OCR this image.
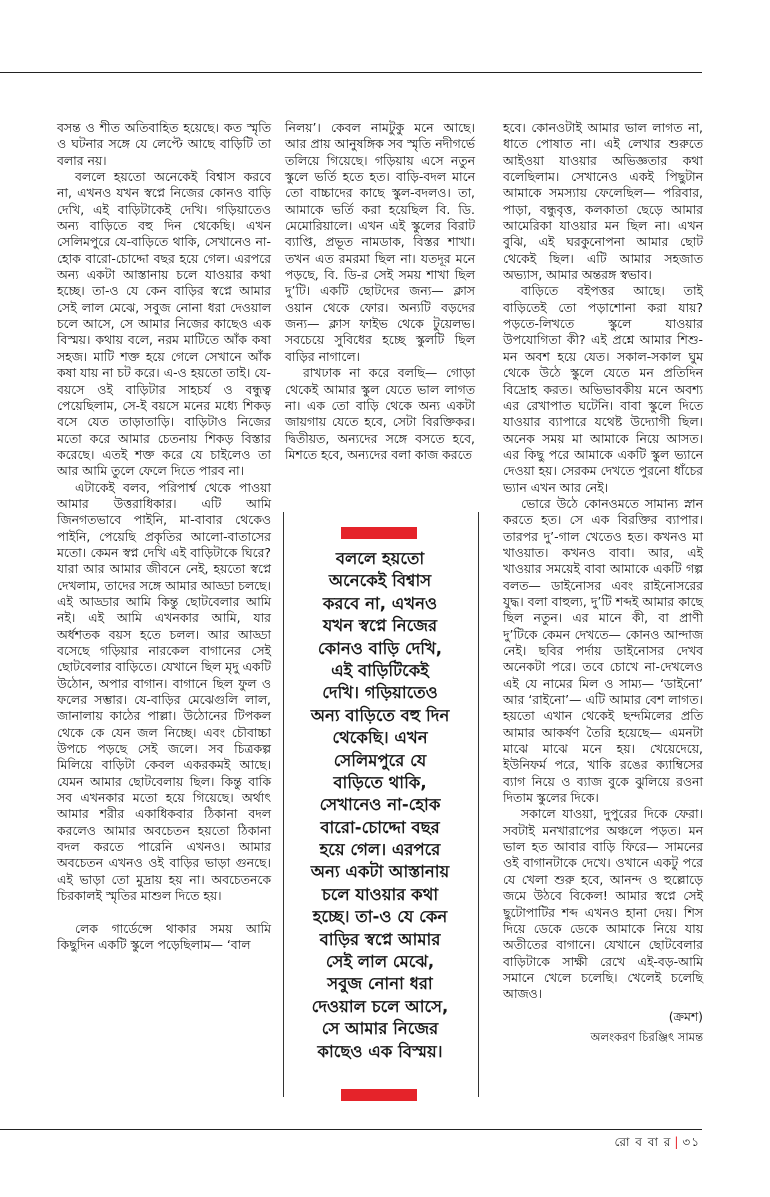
বসন্ত ও শীত অতিবাহিত হয়েছে। কত স্মৃতি ও ঘটনার সঙ্গে যে লেপ্টে আছে বাড়িটি তা বলার নয়।

বললে হয়তো অনেকেই বিশ্বাস করবে না, এখনও যখন স্বপ্নে নিজের কোনও বাড়ি দেখি, এই বাড়িটাকেই দেখি। গড়িয়াতেও অন্য বাড়িতে বহু দিন থেকেছি। এখন সেলিমপুরে যে-বাড়িতে থাকি, সেখানেও না-হোক বারো-চোদ্দো বছর হয়ে গেল। এরপরে অন্য একটা আস্তানায় চলে যাওয়ার কথা হচ্ছে। তা-ও যে কেন বাড়ির স্বপ্নে আমার সেই লাল মেঝে, সবুজ নোনা ধরা দেওয়াল চলে আসে, সে আমার নিজের কাছেও এক বিস্ময়। কথায় বলে, নরম মাটিতে আঁক কষা সহজ। মাটি শক্ত হয়ে গেলে সেখানে আঁক কষা যায় না চট করে। এ-ও হয়তো তাই। যে-বয়সে ওই বাড়িটার সাহচর্য ও বন্ধুত্ব পেয়েছিলাম, সে-ই বয়সে মনের মধ্যে শিকড় বসে যেত তাড়াতাড়ি। বাড়িটাও নিজের মতো করে আমার চেতনায় শিকড় বিস্তার করেছে। এতই শক্ত করে যে চাইলেও তা আর আমি তুলে ফেলে দিতে পারব না।

এটাকেই বলব, পরিপার্শ্ব থেকে পাওয়া আমার উত্তরাধিকার। এটি আমি জিনগতভাবে পাইনি, মা-বাবার থেকেও পাইনি, পেয়েছি প্রকৃতির আলো-বাতাসের মতো। কেমন স্বপ্ন দেখি এই বাড়িটাকে ঘিরে? যারা আর আমার জীবনে নেই, হয়তো স্বপ্নে দেখলাম, তাদের সঙ্গে আমার আড্ডা চলছে। এই আড্ডার আমি কিন্তু ছোটবেলার আমি নই। এই আমি এখনকার আমি, যার অর্ধশতক বয়স হতে চলল। আর আড্ডা বসেছে গড়িয়ার নারকেল বাগানের সেই ছোটবেলার বাড়িতে। যেখানে ছিল মৃদু একটি উঠোন, অপার বাগান। বাগানে ছিল ফুল ও ফলের সম্ভার। যে-বাড়ির মেঝেগুলি লাল, জানালায় কাঠের পাল্লা। উঠোনের টিপকল থেকে কে যেন জল নিচ্ছে। এবং চৌবাচ্চা উপচে পড়ছে সেই জলে। সব চিত্রকল্প মিলিয়ে বাড়িটা কেবল একরকমই আছে। যেমন আমার ছোটবেলায় ছিল। কিন্তু বাকি সব এখনকার মতো হয়ে গিয়েছে। অর্থাৎ আমার শরীর একাধিকবার ঠিকানা বদল করলেও আমার অবচেতন হয়তো ঠিকানা বদল করতে পারেনি এখনও। আমার অবচেতন এখনও ওই বাড়ির ভাড়া গুনছে। এই ভাড়া তো মুদ্রায় হয় না। অবচেতনকে চিরকালই স্মৃতির মাশুল দিতে হয়।

লেক গার্ডেন্সে থাকার সময় আমি কিছুদিন একটি স্কুলে পড়েছিলাম— ‘বাল

নিলয়’। কেবল নামটুকু মনে আছে। আর প্রায় আনুষঙ্গিক সব স্মৃতি নদীগর্ভে তলিয়ে গিয়েছে। গড়িয়ায় এসে নতুন স্কুলে ভর্তি হতে হত। বাড়ি-বদল মানে তো বাচ্চাদের কাছে স্কুল-বদলও। তা, আমাকে ভর্তি করা হয়েছিল বি. ডি. মেমোরিয়ালে। এখন এই স্কুলের বিরাট ব্যাপ্তি, প্রভূত নামডাক, বিস্তর শাখা। তখন এত রমরমা ছিল না। যতদূর মনে পড়ছে, বি. ডি-র সেই সময় শাখা ছিল দু’টি। একটি ছোটদের জন্য— ক্লাস ওয়ান থেকে ফোর। অন্যটি বড়দের জন্য— ক্লাস ফাইভ থেকে টুয়েলভ। সবচেয়ে সুবিধের হচ্ছে স্কুলটি ছিল বাড়ির নাগালে।

রাখঢাক না করে বলছি— গোড়া থেকেই আমার স্কুল যেতে ভাল লাগত না। এক তো বাড়ি থেকে অন্য একটা জায়গায় যেতে হবে, সেটা বিরক্তিকর। দ্বিতীয়ত, অন্যদের সঙ্গে বসতে হবে, মিশতে হবে, অন্যদের বলা কাজ করতে

বললে হয়তো
অনেকেই বিশ্বাস
করবে না, এখনও
যখন স্বপ্নে নিজের
কোনও বাড়ি দেখি,
এই বাড়িটিকেই
দেখি। গড়িয়াতেও
অন্য বাড়িতে বহু দিন
থেকেছি। এখন
সেলিমপুরে যে
বাড়িতে থাকি,
সেখানেও না-হোক
বারো-চোদ্দো বছর
হয়ে গেল। এরপরে
অন্য একটা আস্তানায়
চলে যাওয়ার কথা
হচ্ছে। তা-ও যে কেন
বাড়ির স্বপ্নে আমার
সেই লাল মেঝে,
সবুজ নোনা ধরা
দেওয়াল চলে আসে,
সে আমার নিজের
কাছেও এক বিস্ময়।

হবে। কোনওটাই আমার ভাল লাগত না, ধাতে পোষাত না। এই লেখার শুরুতে আইওয়া যাওয়ার অভিজ্ঞতার কথা বলেছিলাম। সেখানেও একই পিছুটান আমাকে সমস্যায় ফেলেছিল— পরিবার, পাড়া, বন্ধুবৃত্ত, কলকাতা ছেড়ে আমার আমেরিকা যাওয়ার মন ছিল না। এখন বুঝি, এই ঘরকুনোপনা আমার ছোট থেকেই ছিল। এটি আমার সহজাত অভ্যাস, আমার অন্তরঙ্গ স্বভাব।

বাড়িতে বইপত্তর আছে। তাই বাড়িতেই তো পড়াশোনা করা যায়? পড়তে-লিখতে স্কুলে যাওয়ার উপযোগিতা কী? এই প্রশ্নে আমার শিশু-মন অবশ হয়ে যেত। সকাল-সকাল ঘুম থেকে উঠে স্কুলে যেতে মন প্রতিদিন বিদ্রোহ করত। অভিভাবকীয় মনে অবশ্য এর রেখাপাত ঘটেনি। বাবা স্কুলে দিতে যাওয়ার ব্যাপারে যথেষ্ট উদ্যোগী ছিল। অনেক সময় মা আমাকে নিয়ে আসত। এর কিছু পরে আমাকে একটি স্কুল ভ্যানে দেওয়া হয়। সেরকম দেখতে পুরনো ধাঁচের ভ্যান এখন আর নেই।

ভোরে উঠে কোনওমতে সামান্য স্নান করতে হত। সে এক বিরক্তির ব্যাপার। তারপর দু’-গাল খেতেও হত। কখনও মা খাওয়াত। কখনও বাবা। আর, এই খাওয়ার সময়েই বাবা আমাকে একটি গল্প বলত— ডাইনোসর এবং রাইনোসরের যুদ্ধ। বলা বাহুল্য, দু’টি শব্দই আমার কাছে ছিল নতুন। এর মানে কী, বা প্রাণী দু’টিকে কেমন দেখতে— কোনও আন্দাজ নেই। ছবির পর্দায় ডাইনোসর দেখব অনেকটা পরে। তবে চোখে না-দেখলেও এই যে নামের মিল ও সাম্য— ‘ডাইনো’ আর ‘রাইনো’— এটি আমার বেশ লাগত। হয়তো এখান থেকেই ছন্দমিলের প্রতি আমার আকর্ষণ তৈরি হয়েছে— এমনটা মাঝে মাঝে মনে হয়। খেয়েদেয়ে, ইউনিফর্ম পরে, খাকি রঙের ক্যাম্বিসের ব্যাগ নিয়ে ও ব্যাজ বুকে ঝুলিয়ে রওনা দিতাম স্কুলের দিকে।

সকালে যাওয়া, দুপুরের দিকে ফেরা। সবটাই মনখারাপের অঞ্চলে পড়ত। মন ভাল হত আবার বাড়ি ফিরে— সামনের ওই বাগানটাকে দেখে। ওখানে একটু পরে যে খেলা শুরু হবে, আনন্দ ও হুল্লোড়ে জমে উঠবে বিকেল! আমার স্বপ্নে সেই ছুটোপাটির শব্দ এখনও হানা দেয়। শিস দিয়ে ডেকে ডেকে আমাকে নিয়ে যায় অতীতের বাগানে। যেখানে ছোটবেলার বাড়িটাকে সাক্ষী রেখে এই-বড়-আমি সমানে খেলে চলেছি। খেলেই চলেছি আজও।

(ক্রমশ)

অলংকরণ চিরঞ্জিৎ সামন্ত

রো ব বা র | ৩১
